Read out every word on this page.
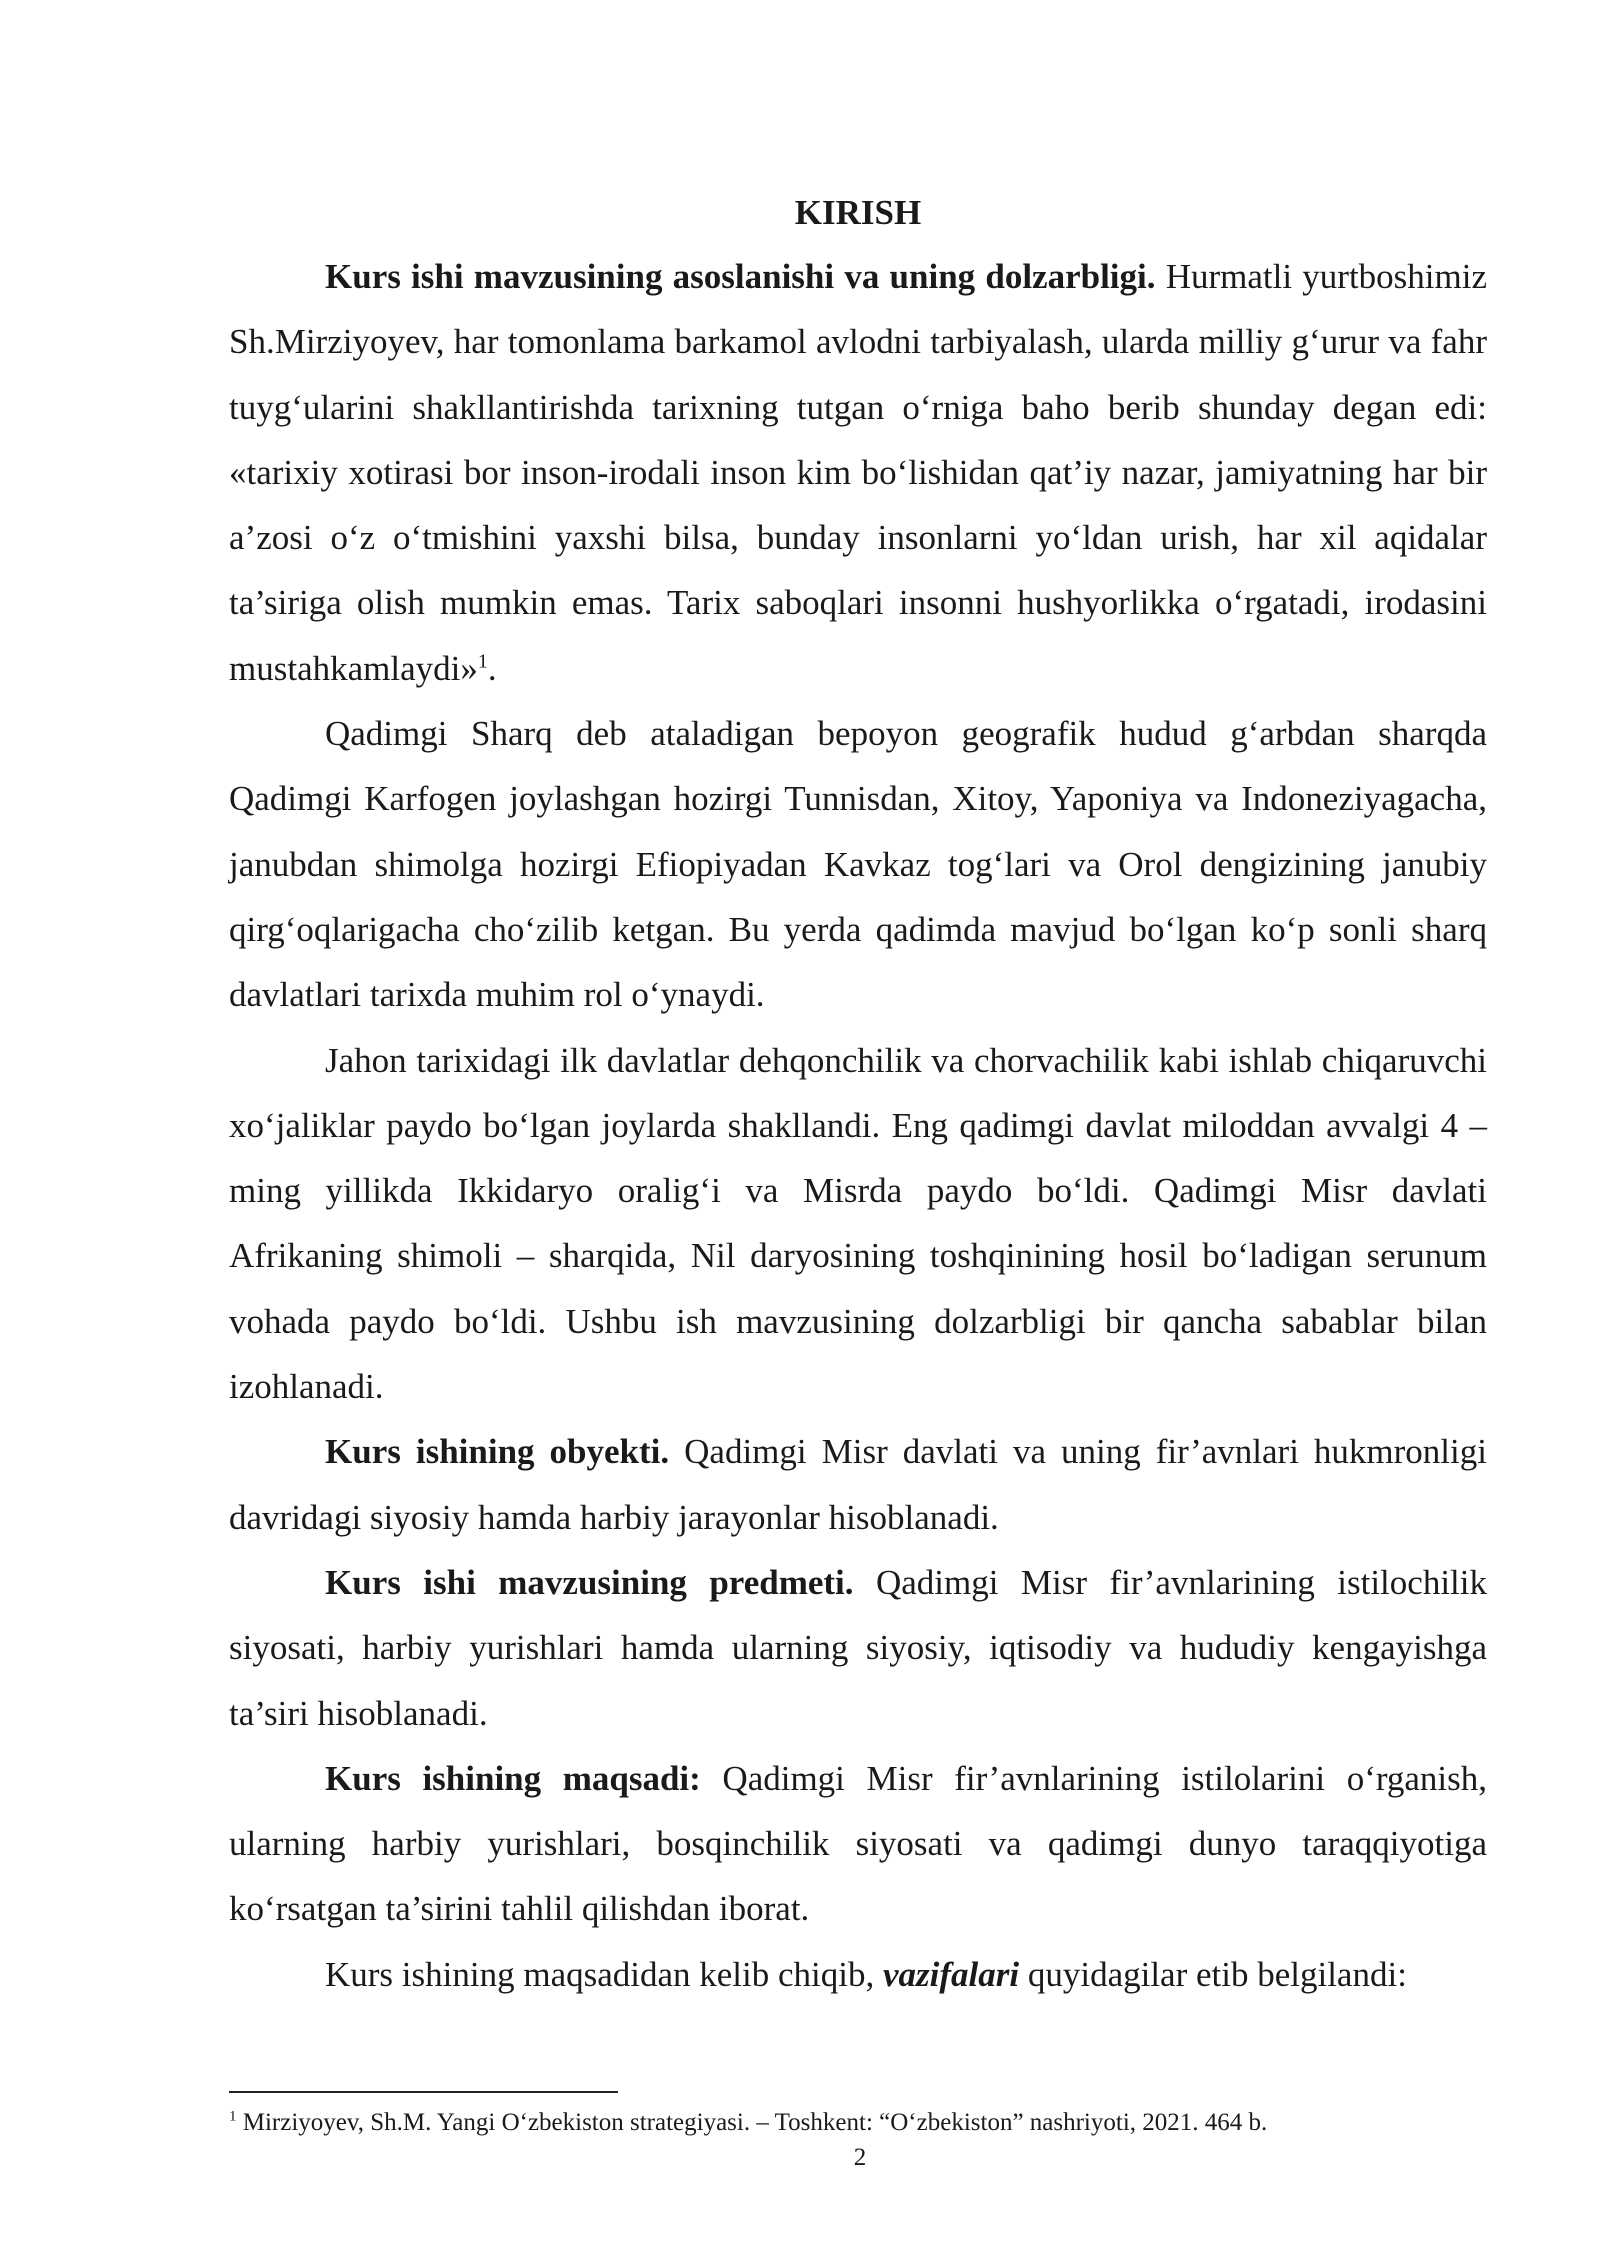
KIRISH

Kurs ishi mavzusining asoslanishi va uning dolzarbligi. Hurmatli yurtboshimiz Sh.Mirziyoyev, har tomonlama barkamol avlodni tarbiyalash, ularda milliy g‘urur va fahr tuyg‘ularini shakllantirishda tarixning tutgan o‘rniga baho berib shunday degan edi: «tarixiy xotirasi bor inson-irodali inson kim bo‘lishidan qat’iy nazar, jamiyatning har bir a’zosi o‘z o‘tmishini yaxshi bilsa, bunday insonlarni yo‘ldan urish, har xil aqidalar ta’siriga olish mumkin emas. Tarix saboqlari insonni hushyorlikka o‘rgatadi, irodasini mustahkamlaydi»$^1$.

Qadimgi Sharq deb ataladigan bepoyon geografik hudud g‘arbdan sharqda Qadimgi Karfogen joylashgan hozirgi Tunnisdan, Xitoy, Yaponiya va Indoneziyagacha, janubdan shimolga hozirgi Efiopiyadan Kavkaz tog‘lari va Orol dengizining janubiy qirg‘oqlarigacha cho‘zilib ketgan. Bu yerda qadimda mavjud bo‘lgan ko‘p sonli sharq davlatlari tarixda muhim rol o‘ynaydi.

Jahon tarixidagi ilk davlatlar dehqonchilik va chorvachilik kabi ishlab chiqaruvchi xo‘jaliklar paydo bo‘lgan joylarda shakllandi. Eng qadimgi davlat miloddan avvalgi 4 – ming yillikda Ikkidaryo oralig‘i va Misrda paydo bo‘ldi. Qadimgi Misr davlati Afrikaning shimoli – sharqida, Nil daryosining toshqinining hosil bo‘ladigan serunum vohada paydo bo‘ldi. Ushbu ish mavzusining dolzarbligi bir qancha sabablar bilan izohlanadi.

Kurs ishining obyekti. Qadimgi Misr davlati va uning fir’avnlari hukmronligi davridagi siyosiy hamda harbiy jarayonlar hisoblanadi.

Kurs ishi mavzusining predmeti. Qadimgi Misr fir’avnlarining istilochilik siyosati, harbiy yurishlari hamda ularning siyosiy, iqtisodiy va hududiy kengayishga ta’siri hisoblanadi.

Kurs ishining maqsadi: Qadimgi Misr fir’avnlarining istilolarini o‘rganish, ularning harbiy yurishlari, bosqinchilik siyosati va qadimgi dunyo taraqqiyotiga ko‘rsatgan ta’sirini tahlil qilishdan iborat.

Kurs ishining maqsadidan kelib chiqib, vazifalari quyidagilar etib belgilandi:

$^1$ Mirziyoyev, Sh.M. Yangi O‘zbekiston strategiyasi. – Toshkent: “O‘zbekiston” nashriyoti, 2021. 464 b.
2
